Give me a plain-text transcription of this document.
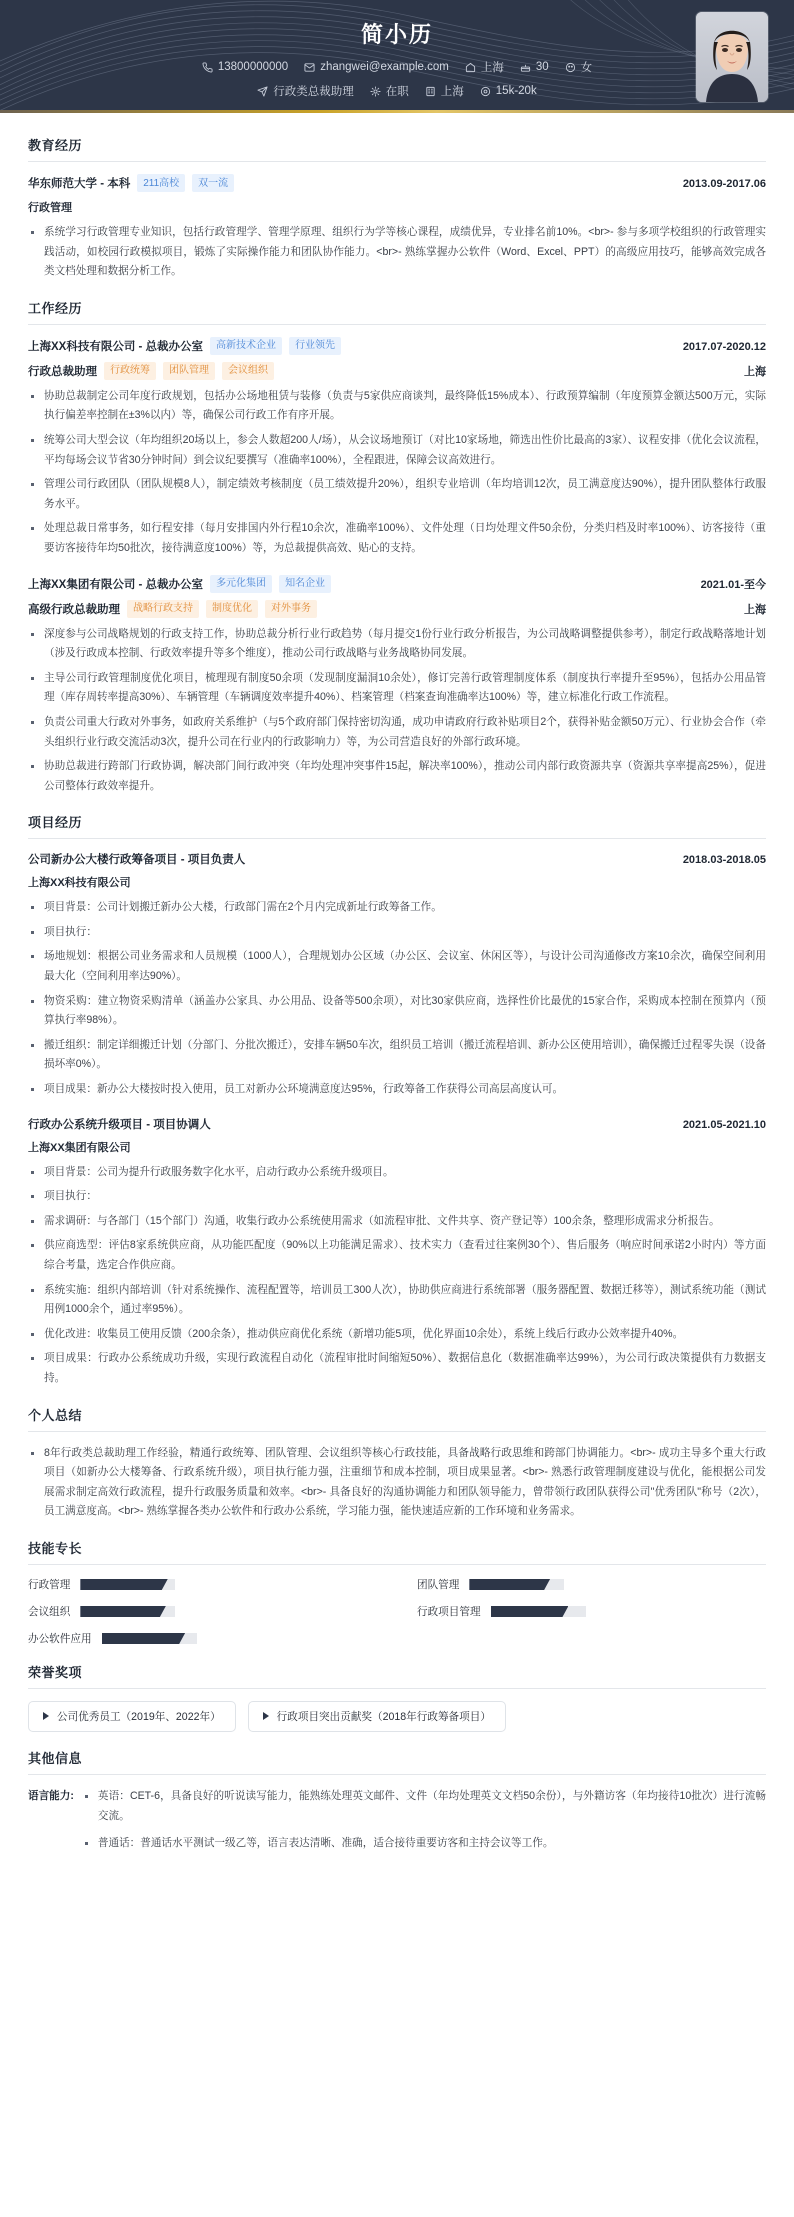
简小历
13800000000	zhangwei@example.com	上海	30	女
行政类总裁助理	在职	上海	15k-20k
教育经历
华东师范大学 - 本科	211高校	双一流	2013.09-2017.06
行政管理
系统学习行政管理专业知识，包括行政管理学、管理学原理、组织行为学等核心课程，成绩优异，专业排名前10%。<br>- 参与多项学校组织的行政管理实践活动，如校园行政模拟项目，锻炼了实际操作能力和团队协作能力。<br>- 熟练掌握办公软件（Word、Excel、PPT）的高级应用技巧，能够高效完成各类文档处理和数据分析工作。
工作经历
上海XX科技有限公司 - 总裁办公室	高新技术企业	行业领先	2017.07-2020.12
行政总裁助理	行政统筹	团队管理	会议组织	上海
协助总裁制定公司年度行政规划，包括办公场地租赁与装修（负责与5家供应商谈判，最终降低15%成本）、行政预算编制（年度预算金额达500万元，实际执行偏差率控制在±3%以内）等，确保公司行政工作有序开展。
统筹公司大型会议（年均组织20场以上，参会人数超200人/场），从会议场地预订（对比10家场地，筛选出性价比最高的3家）、议程安排（优化会议流程，平均每场会议节省30分钟时间）到会议纪要撰写（准确率100%），全程跟进，保障会议高效进行。
管理公司行政团队（团队规模8人），制定绩效考核制度（员工绩效提升20%），组织专业培训（年均培训12次，员工满意度达90%），提升团队整体行政服务水平。
处理总裁日常事务，如行程安排（每月安排国内外行程10余次，准确率100%）、文件处理（日均处理文件50余份，分类归档及时率100%）、访客接待（重要访客接待年均50批次，接待满意度100%）等，为总裁提供高效、贴心的支持。
上海XX集团有限公司 - 总裁办公室	多元化集团	知名企业	2021.01-至今
高级行政总裁助理	战略行政支持	制度优化	对外事务	上海
深度参与公司战略规划的行政支持工作，协助总裁分析行业行政趋势（每月提交1份行业行政分析报告，为公司战略调整提供参考），制定行政战略落地计划（涉及行政成本控制、行政效率提升等多个维度），推动公司行政战略与业务战略协同发展。
主导公司行政管理制度优化项目，梳理现有制度50余项（发现制度漏洞10余处），修订完善行政管理制度体系（制度执行率提升至95%），包括办公用品管理（库存周转率提高30%）、车辆管理（车辆调度效率提升40%）、档案管理（档案查询准确率达100%）等，建立标准化行政工作流程。
负责公司重大行政对外事务，如政府关系维护（与5个政府部门保持密切沟通，成功申请政府行政补贴项目2个，获得补贴金额50万元）、行业协会合作（牵头组织行业行政交流活动3次，提升公司在行业内的行政影响力）等，为公司营造良好的外部行政环境。
协助总裁进行跨部门行政协调，解决部门间行政冲突（年均处理冲突事件15起，解决率100%），推动公司内部行政资源共享（资源共享率提高25%），促进公司整体行政效率提升。
项目经历
公司新办公大楼行政筹备项目 - 项目负责人	2018.03-2018.05
上海XX科技有限公司
项目背景：公司计划搬迁新办公大楼，行政部门需在2个月内完成新址行政筹备工作。
项目执行：
场地规划：根据公司业务需求和人员规模（1000人），合理规划办公区域（办公区、会议室、休闲区等），与设计公司沟通修改方案10余次，确保空间利用最大化（空间利用率达90%）。
物资采购：建立物资采购清单（涵盖办公家具、办公用品、设备等500余项），对比30家供应商，选择性价比最优的15家合作，采购成本控制在预算内（预算执行率98%）。
搬迁组织：制定详细搬迁计划（分部门、分批次搬迁），安排车辆50车次，组织员工培训（搬迁流程培训、新办公区使用培训），确保搬迁过程零失误（设备损坏率0%）。
项目成果：新办公大楼按时投入使用，员工对新办公环境满意度达95%，行政筹备工作获得公司高层高度认可。
行政办公系统升级项目 - 项目协调人	2021.05-2021.10
上海XX集团有限公司
项目背景：公司为提升行政服务数字化水平，启动行政办公系统升级项目。
项目执行：
需求调研：与各部门（15个部门）沟通，收集行政办公系统使用需求（如流程审批、文件共享、资产登记等）100余条，整理形成需求分析报告。
供应商选型：评估8家系统供应商，从功能匹配度（90%以上功能满足需求）、技术实力（查看过往案例30个）、售后服务（响应时间承诺2小时内）等方面综合考量，选定合作供应商。
系统实施：组织内部培训（针对系统操作、流程配置等，培训员工300人次），协助供应商进行系统部署（服务器配置、数据迁移等），测试系统功能（测试用例1000余个，通过率95%）。
优化改进：收集员工使用反馈（200余条），推动供应商优化系统（新增功能5项，优化界面10余处），系统上线后行政办公效率提升40%。
项目成果：行政办公系统成功升级，实现行政流程自动化（流程审批时间缩短50%）、数据信息化（数据准确率达99%），为公司行政决策提供有力数据支持。
个人总结
8年行政类总裁助理工作经验，精通行政统筹、团队管理、会议组织等核心行政技能，具备战略行政思维和跨部门协调能力。<br>- 成功主导多个重大行政项目（如新办公大楼筹备、行政系统升级），项目执行能力强，注重细节和成本控制，项目成果显著。<br>- 熟悉行政管理制度建设与优化，能根据公司发展需求制定高效行政流程，提升行政服务质量和效率。<br>- 具备良好的沟通协调能力和团队领导能力，曾带领行政团队获得公司"优秀团队"称号（2次），员工满意度高。<br>- 熟练掌握各类办公软件和行政办公系统，学习能力强，能快速适应新的工作环境和业务需求。
技能专长
行政管理	团队管理
会议组织	行政项目管理
办公软件应用
荣誉奖项
公司优秀员工（2019年、2022年）	行政项目突出贡献奖（2018年行政筹备项目）
其他信息
语言能力:	英语：CET-6，具备良好的听说读写能力，能熟练处理英文邮件、文件（年均处理英文文档50余份），与外籍访客（年均接待10批次）进行流畅交流。
普通话：普通话水平测试一级乙等，语言表达清晰、准确，适合接待重要访客和主持会议等工作。
